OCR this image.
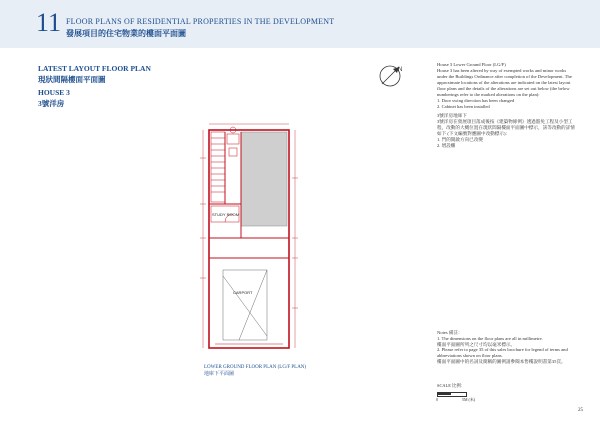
11 FLOOR PLANS OF RESIDENTIAL PROPERTIES IN THE DEVELOPMENT
發展項目的住宅物業的樓面平面圖
LATEST LAYOUT FLOOR PLAN
現狀間隔樓面平面圖
HOUSE 3
3號洋房
N

House 3 Lower Ground Floor (LG/F)

House 3 has been altered by way of exempted works and minor works under the Buildings Ordinance after completion of the Development. The approximate locations of the alterations are indicated on the latest layout floor plans and the details of the alterations are set out below (the below numberings refer to the marked alterations on the plan):

1. Door swing direction has been changed

2. Cabinet has been installed

3號洋房地庫下

3號洋房在發展項目落成後按《建築物條例》透過豁免工程及小型工程，改動的大概位置在現狀間隔樓面平面圖中標示，該等改動的詳情如下 (下文編號對應圖中改動標示)：

1. 門的開啟方向已改變

2. 增設櫃

STUDY ROOM
CARPORT
LOWER GROUND FLOOR PLAN (LG/F PLAN)
地庫下平面圖

Notes 備註：

1. The dimensions on the floor plans are all in millimetre.

樓面平面圖所列之尺寸均以毫米標示。

2. Please refer to page 35 of this sales brochure for legend of terms and abbreviations shown on floor plans.

樓面平面圖中的名詞及簡稱的圖例請參閱本售樓說明書第35頁。

SCALE 比例：
0	5M (米)
25
